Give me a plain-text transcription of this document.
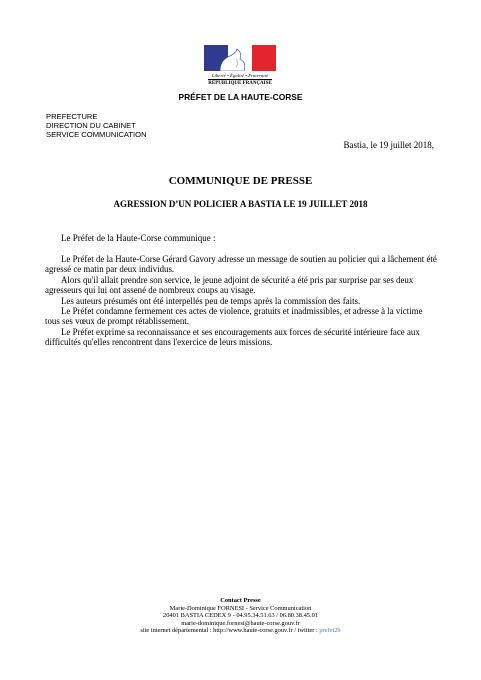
Liberté • Égalité • Fraternité
RÉPUBLIQUE FRANÇAISE
PRÉFET DE LA HAUTE-CORSE
PREFECTURE
DIRECTION DU CABINET
SERVICE COMMUNICATION
Bastia, le 19 juillet 2018,
COMMUNIQUE DE PRESSE
AGRESSION D’UN POLICIER A BASTIA LE 19 JUILLET 2018
Le Préfet de la Haute-Corse communique :

Le Préfet de la Haute-Corse Gérard Gavory adresse un message de soutien au policier qui a lâchement été agressé ce matin par deux individus.

Alors qu'il allait prendre son service, le jeune adjoint de sécurité a été pris par surprise par ses deux agresseurs qui lui ont assené de nombreux coups au visage.

Les auteurs présumés ont été interpellés peu de temps après la commission des faits.

Le Préfet condamne fermement ces actes de violence, gratuits et inadmissibles, et adresse à la victime tous ses vœux de prompt rétablissement.

Le Préfet exprime sa reconnaissance et ses encouragements aux forces de sécurité intérieure face aux difficultés qu'elles rencontrent dans l'exercice de leurs missions.

Contact Presse
Marie-Dominique FORNESI - Service Communication
20401 BASTIA CEDEX 9 - 04.95.34.51.63 / 06.80.38.45.01
marie-dominique.fornesi@haute-corse.gouv.fr
site internet départemental : http://www.haute-corse.gouv.fr / twitter : prefet2b
